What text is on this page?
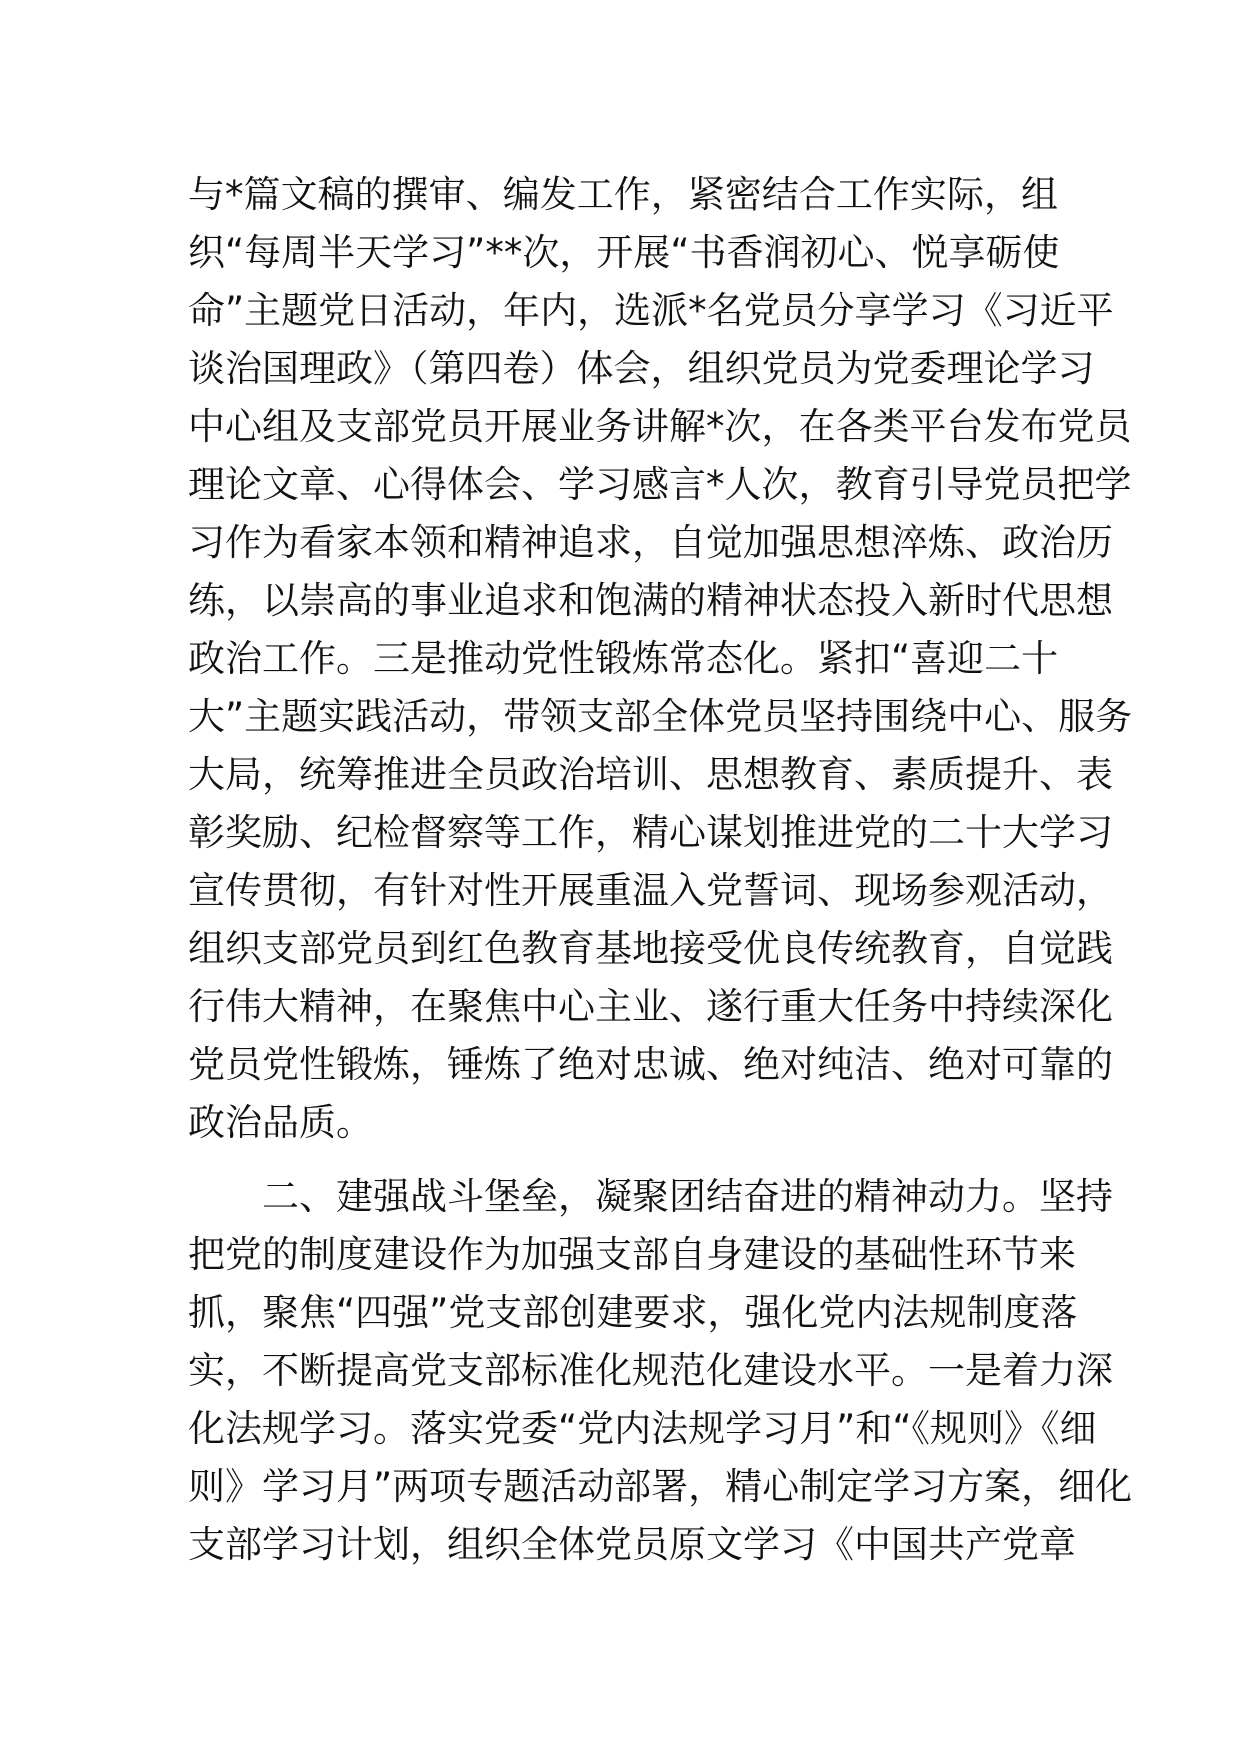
与*篇文稿的撰审、编发工作，紧密结合工作实际，组
织“每周半天学习”**次，开展“书香润初心、悦享砺使
命”主题党日活动，年内，选派*名党员分享学习《习近平
谈治国理政》（第四卷）体会，组织党员为党委理论学习
中心组及支部党员开展业务讲解*次，在各类平台发布党员
理论文章、心得体会、学习感言*人次，教育引导党员把学
习作为看家本领和精神追求，自觉加强思想淬炼、政治历
练，以崇高的事业追求和饱满的精神状态投入新时代思想
政治工作。三是推动党性锻炼常态化。紧扣“喜迎二十
大”主题实践活动，带领支部全体党员坚持围绕中心、服务
大局，统筹推进全员政治培训、思想教育、素质提升、表
彰奖励、纪检督察等工作，精心谋划推进党的二十大学习
宣传贯彻，有针对性开展重温入党誓词、现场参观活动，
组织支部党员到红色教育基地接受优良传统教育，自觉践
行伟大精神，在聚焦中心主业、遂行重大任务中持续深化
党员党性锻炼，锤炼了绝对忠诚、绝对纯洁、绝对可靠的
政治品质。
二、建强战斗堡垒，凝聚团结奋进的精神动力。坚持
把党的制度建设作为加强支部自身建设的基础性环节来
抓，聚焦“四强”党支部创建要求，强化党内法规制度落
实，不断提高党支部标准化规范化建设水平。一是着力深
化法规学习。落实党委“党内法规学习月”和“《规则》《细
则》学习月”两项专题活动部署，精心制定学习方案，细化
支部学习计划，组织全体党员原文学习《中国共产党章
